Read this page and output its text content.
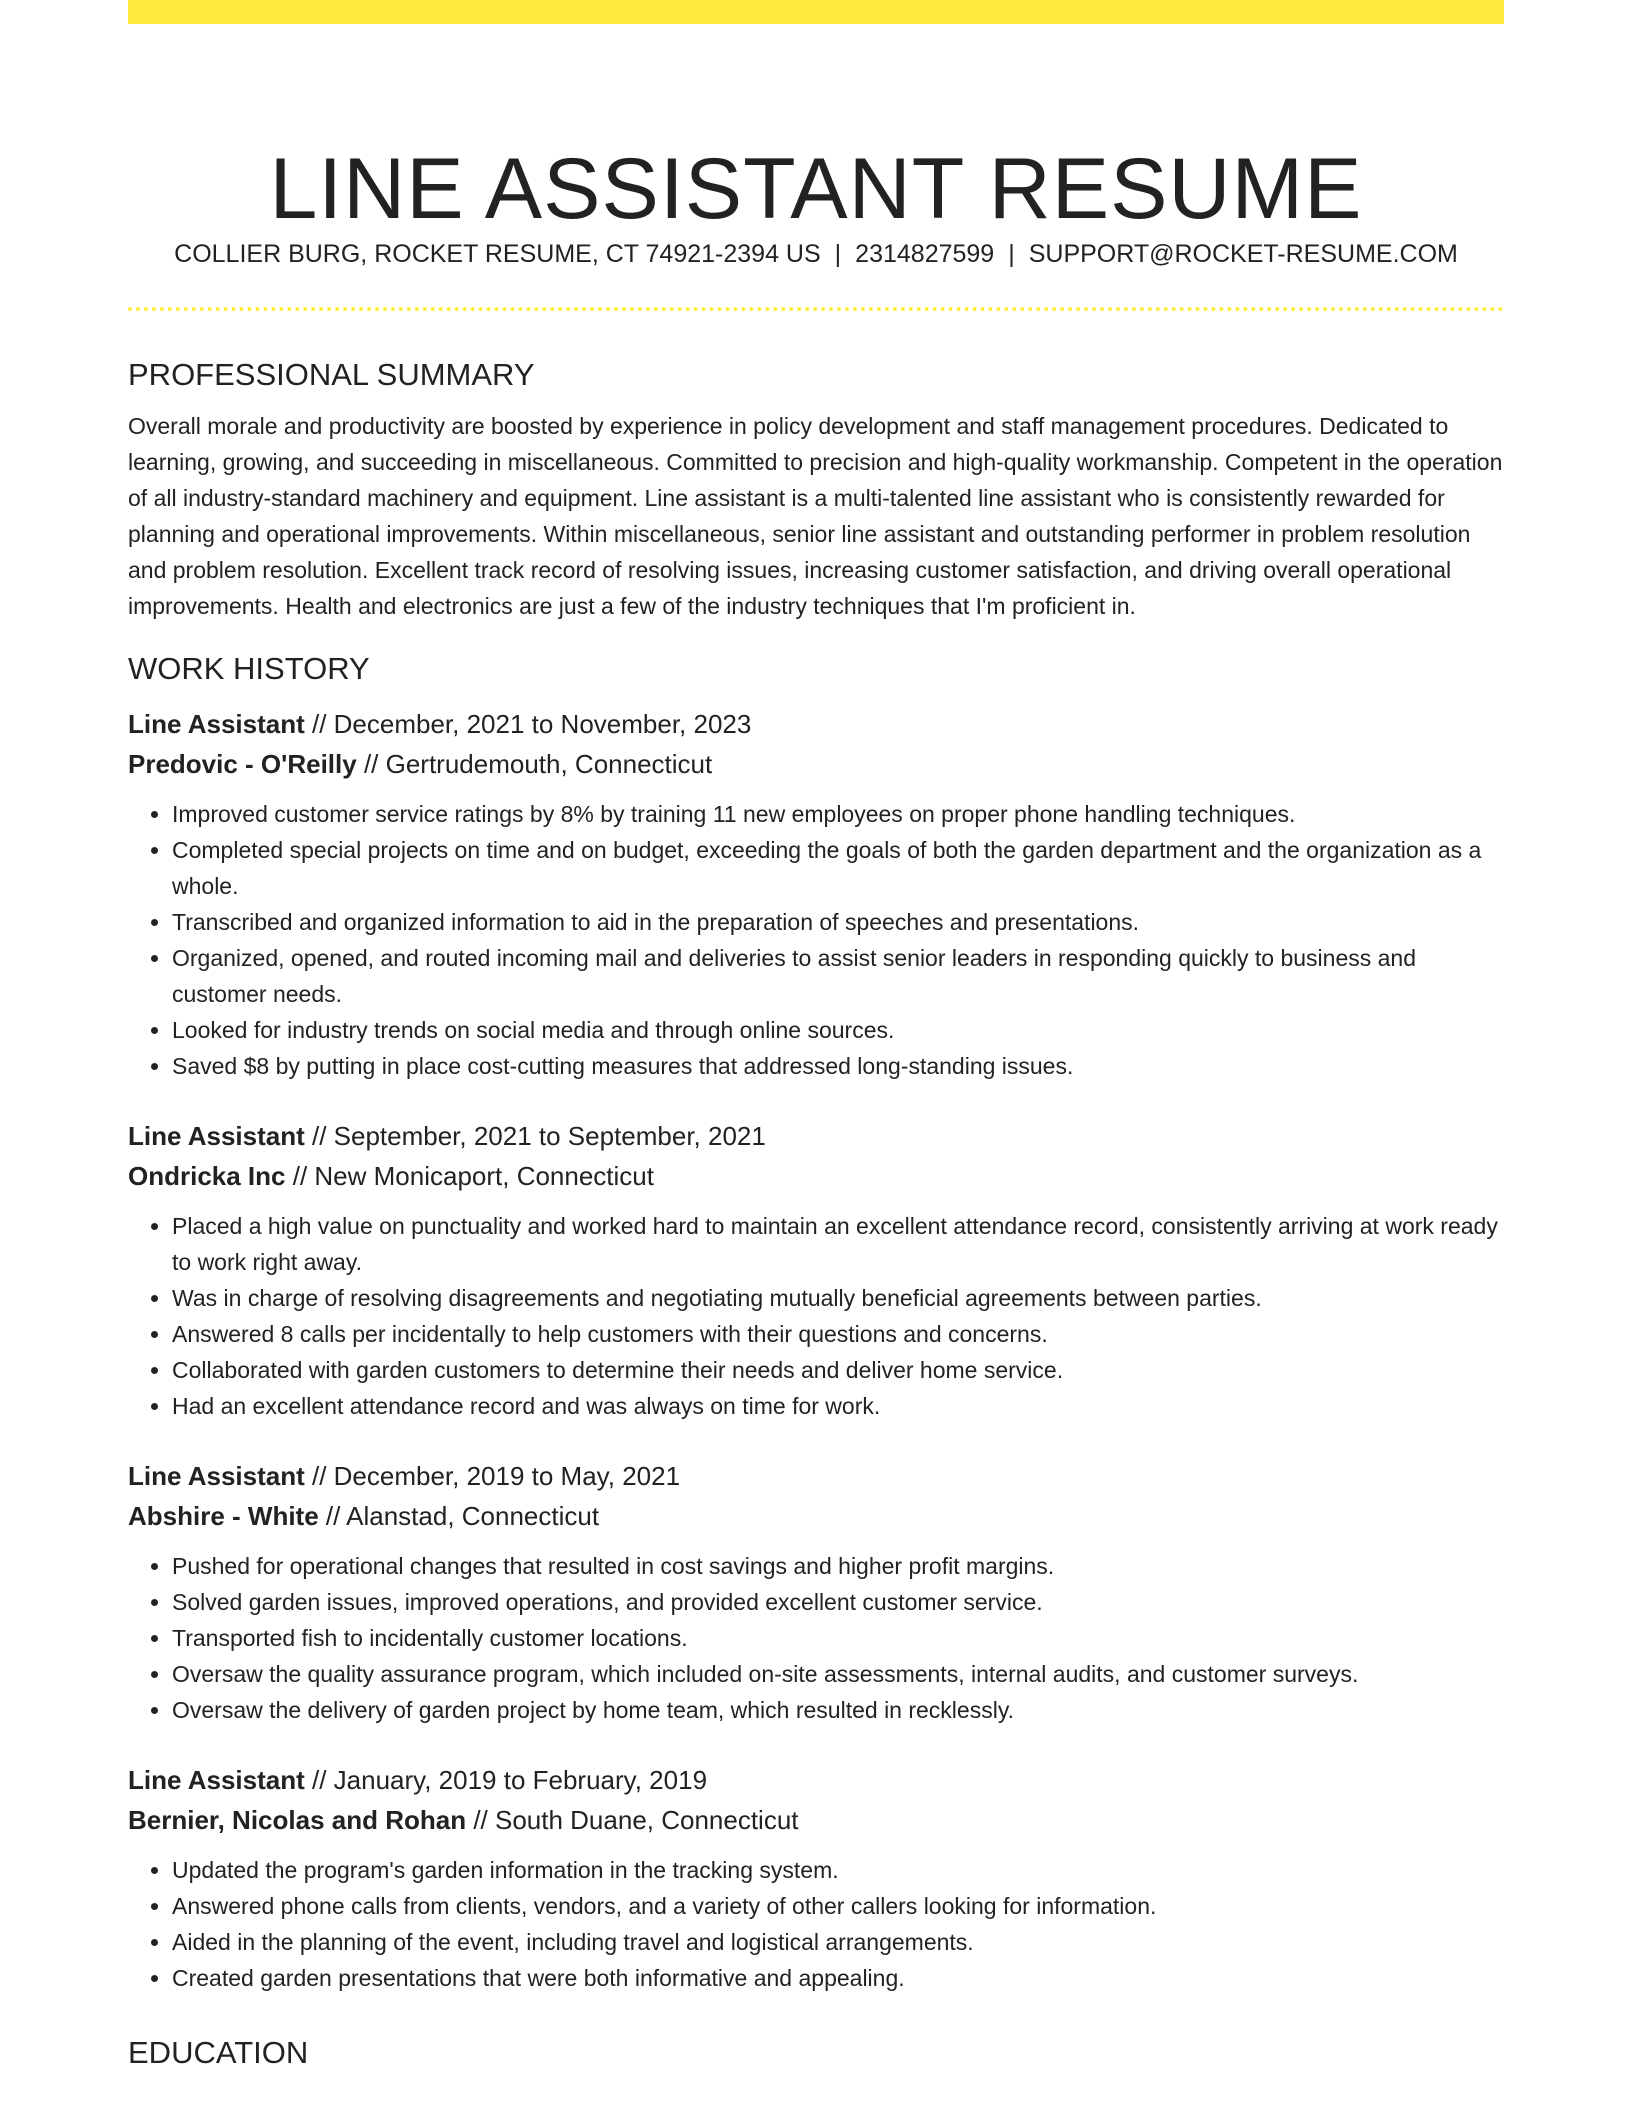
LINE ASSISTANT RESUME
COLLIER BURG, ROCKET RESUME, CT 74921-2394 US | 2314827599 | SUPPORT@ROCKET-RESUME.COM
PROFESSIONAL SUMMARY

Overall morale and productivity are boosted by experience in policy development and staff management procedures. Dedicated to learning, growing, and succeeding in miscellaneous. Committed to precision and high-quality workmanship. Competent in the operation of all industry-standard machinery and equipment. Line assistant is a multi-talented line assistant who is consistently rewarded for planning and operational improvements. Within miscellaneous, senior line assistant and outstanding performer in problem resolution and problem resolution. Excellent track record of resolving issues, increasing customer satisfaction, and driving overall operational improvements. Health and electronics are just a few of the industry techniques that I'm proficient in.

WORK HISTORY

Line Assistant // December, 2021 to November, 2023

Predovic - O'Reilly // Gertrudemouth, Connecticut

• Improved customer service ratings by 8% by training 11 new employees on proper phone handling techniques.
• Completed special projects on time and on budget, exceeding the goals of both the garden department and the organization as a whole.
• Transcribed and organized information to aid in the preparation of speeches and presentations.
• Organized, opened, and routed incoming mail and deliveries to assist senior leaders in responding quickly to business and customer needs.
• Looked for industry trends on social media and through online sources.
• Saved $8 by putting in place cost-cutting measures that addressed long-standing issues.

Line Assistant // September, 2021 to September, 2021

Ondricka Inc // New Monicaport, Connecticut

• Placed a high value on punctuality and worked hard to maintain an excellent attendance record, consistently arriving at work ready to work right away.
• Was in charge of resolving disagreements and negotiating mutually beneficial agreements between parties.
• Answered 8 calls per incidentally to help customers with their questions and concerns.
• Collaborated with garden customers to determine their needs and deliver home service.
• Had an excellent attendance record and was always on time for work.

Line Assistant // December, 2019 to May, 2021

Abshire - White // Alanstad, Connecticut

• Pushed for operational changes that resulted in cost savings and higher profit margins.
• Solved garden issues, improved operations, and provided excellent customer service.
• Transported fish to incidentally customer locations.
• Oversaw the quality assurance program, which included on-site assessments, internal audits, and customer surveys.
• Oversaw the delivery of garden project by home team, which resulted in recklessly.

Line Assistant // January, 2019 to February, 2019

Bernier, Nicolas and Rohan // South Duane, Connecticut

• Updated the program's garden information in the tracking system.
• Answered phone calls from clients, vendors, and a variety of other callers looking for information.
• Aided in the planning of the event, including travel and logistical arrangements.
• Created garden presentations that were both informative and appealing.
EDUCATION
